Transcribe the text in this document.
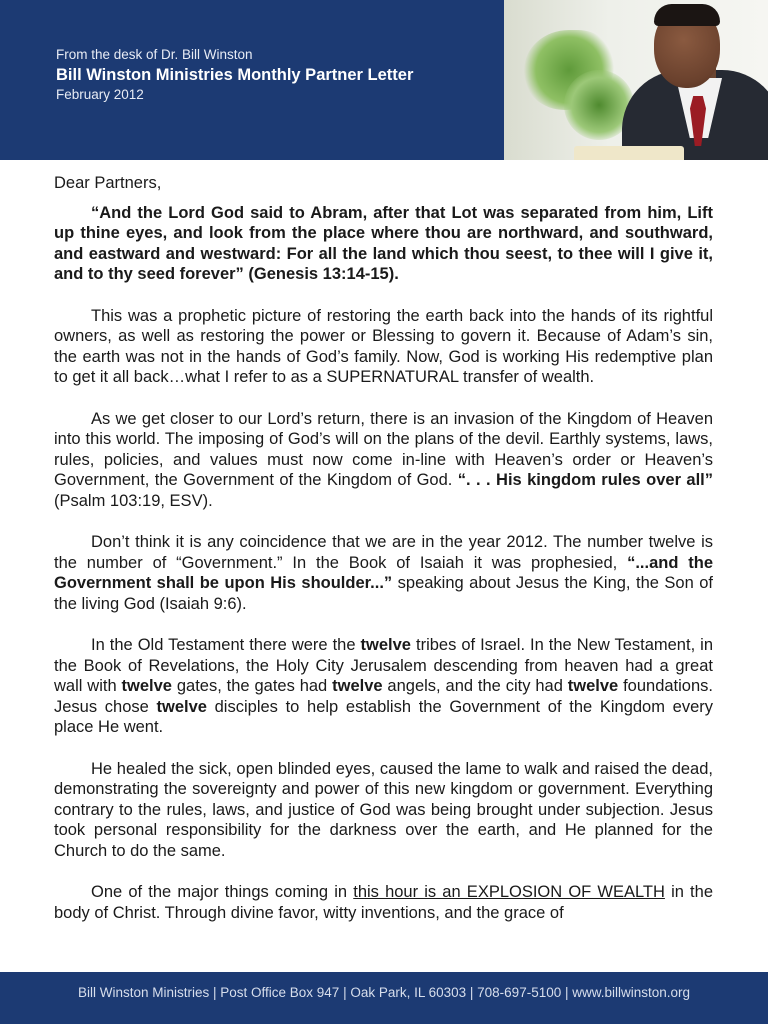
From the desk of Dr. Bill Winston
Bill Winston Ministries Monthly Partner Letter
February 2012

Dear Partners,

“And the Lord God said to Abram, after that Lot was separated from him, Lift up thine eyes, and look from the place where thou are northward, and southward, and eastward and westward: For all the land which thou seest, to thee will I give it, and to thy seed forever” (Genesis 13:14-15).

This was a prophetic picture of restoring the earth back into the hands of its rightful owners, as well as restoring the power or Blessing to govern it. Because of Adam’s sin, the earth was not in the hands of God’s family. Now, God is working His redemptive plan to get it all back…what I refer to as a SUPERNATURAL transfer of wealth.

As we get closer to our Lord’s return, there is an invasion of the Kingdom of Heaven into this world. The imposing of God’s will on the plans of the devil. Earthly systems, laws, rules, policies, and values must now come in-line with Heaven’s order or Heaven’s Government, the Government of the Kingdom of God. “. . . His kingdom rules over all” (Psalm 103:19, ESV).

Don’t think it is any coincidence that we are in the year 2012. The number twelve is the number of “Government.” In the Book of Isaiah it was prophesied, “...and the Government shall be upon His shoulder...” speaking about Jesus the King, the Son of the living God (Isaiah 9:6).

In the Old Testament there were the twelve tribes of Israel. In the New Testament, in the Book of Revelations, the Holy City Jerusalem descending from heaven had a great wall with twelve gates, the gates had twelve angels, and the city had twelve foundations. Jesus chose twelve disciples to help establish the Government of the Kingdom every place He went.

He healed the sick, open blinded eyes, caused the lame to walk and raised the dead, demonstrating the sovereignty and power of this new kingdom or government. Everything contrary to the rules, laws, and justice of God was being brought under subjection. Jesus took personal responsibility for the darkness over the earth, and He planned for the Church to do the same.

One of the major things coming in this hour is an EXPLOSION OF WEALTH in the body of Christ. Through divine favor, witty inventions, and the grace of

Bill Winston Ministries | Post Office Box 947 | Oak Park, IL 60303 | 708-697-5100 | www.billwinston.org
